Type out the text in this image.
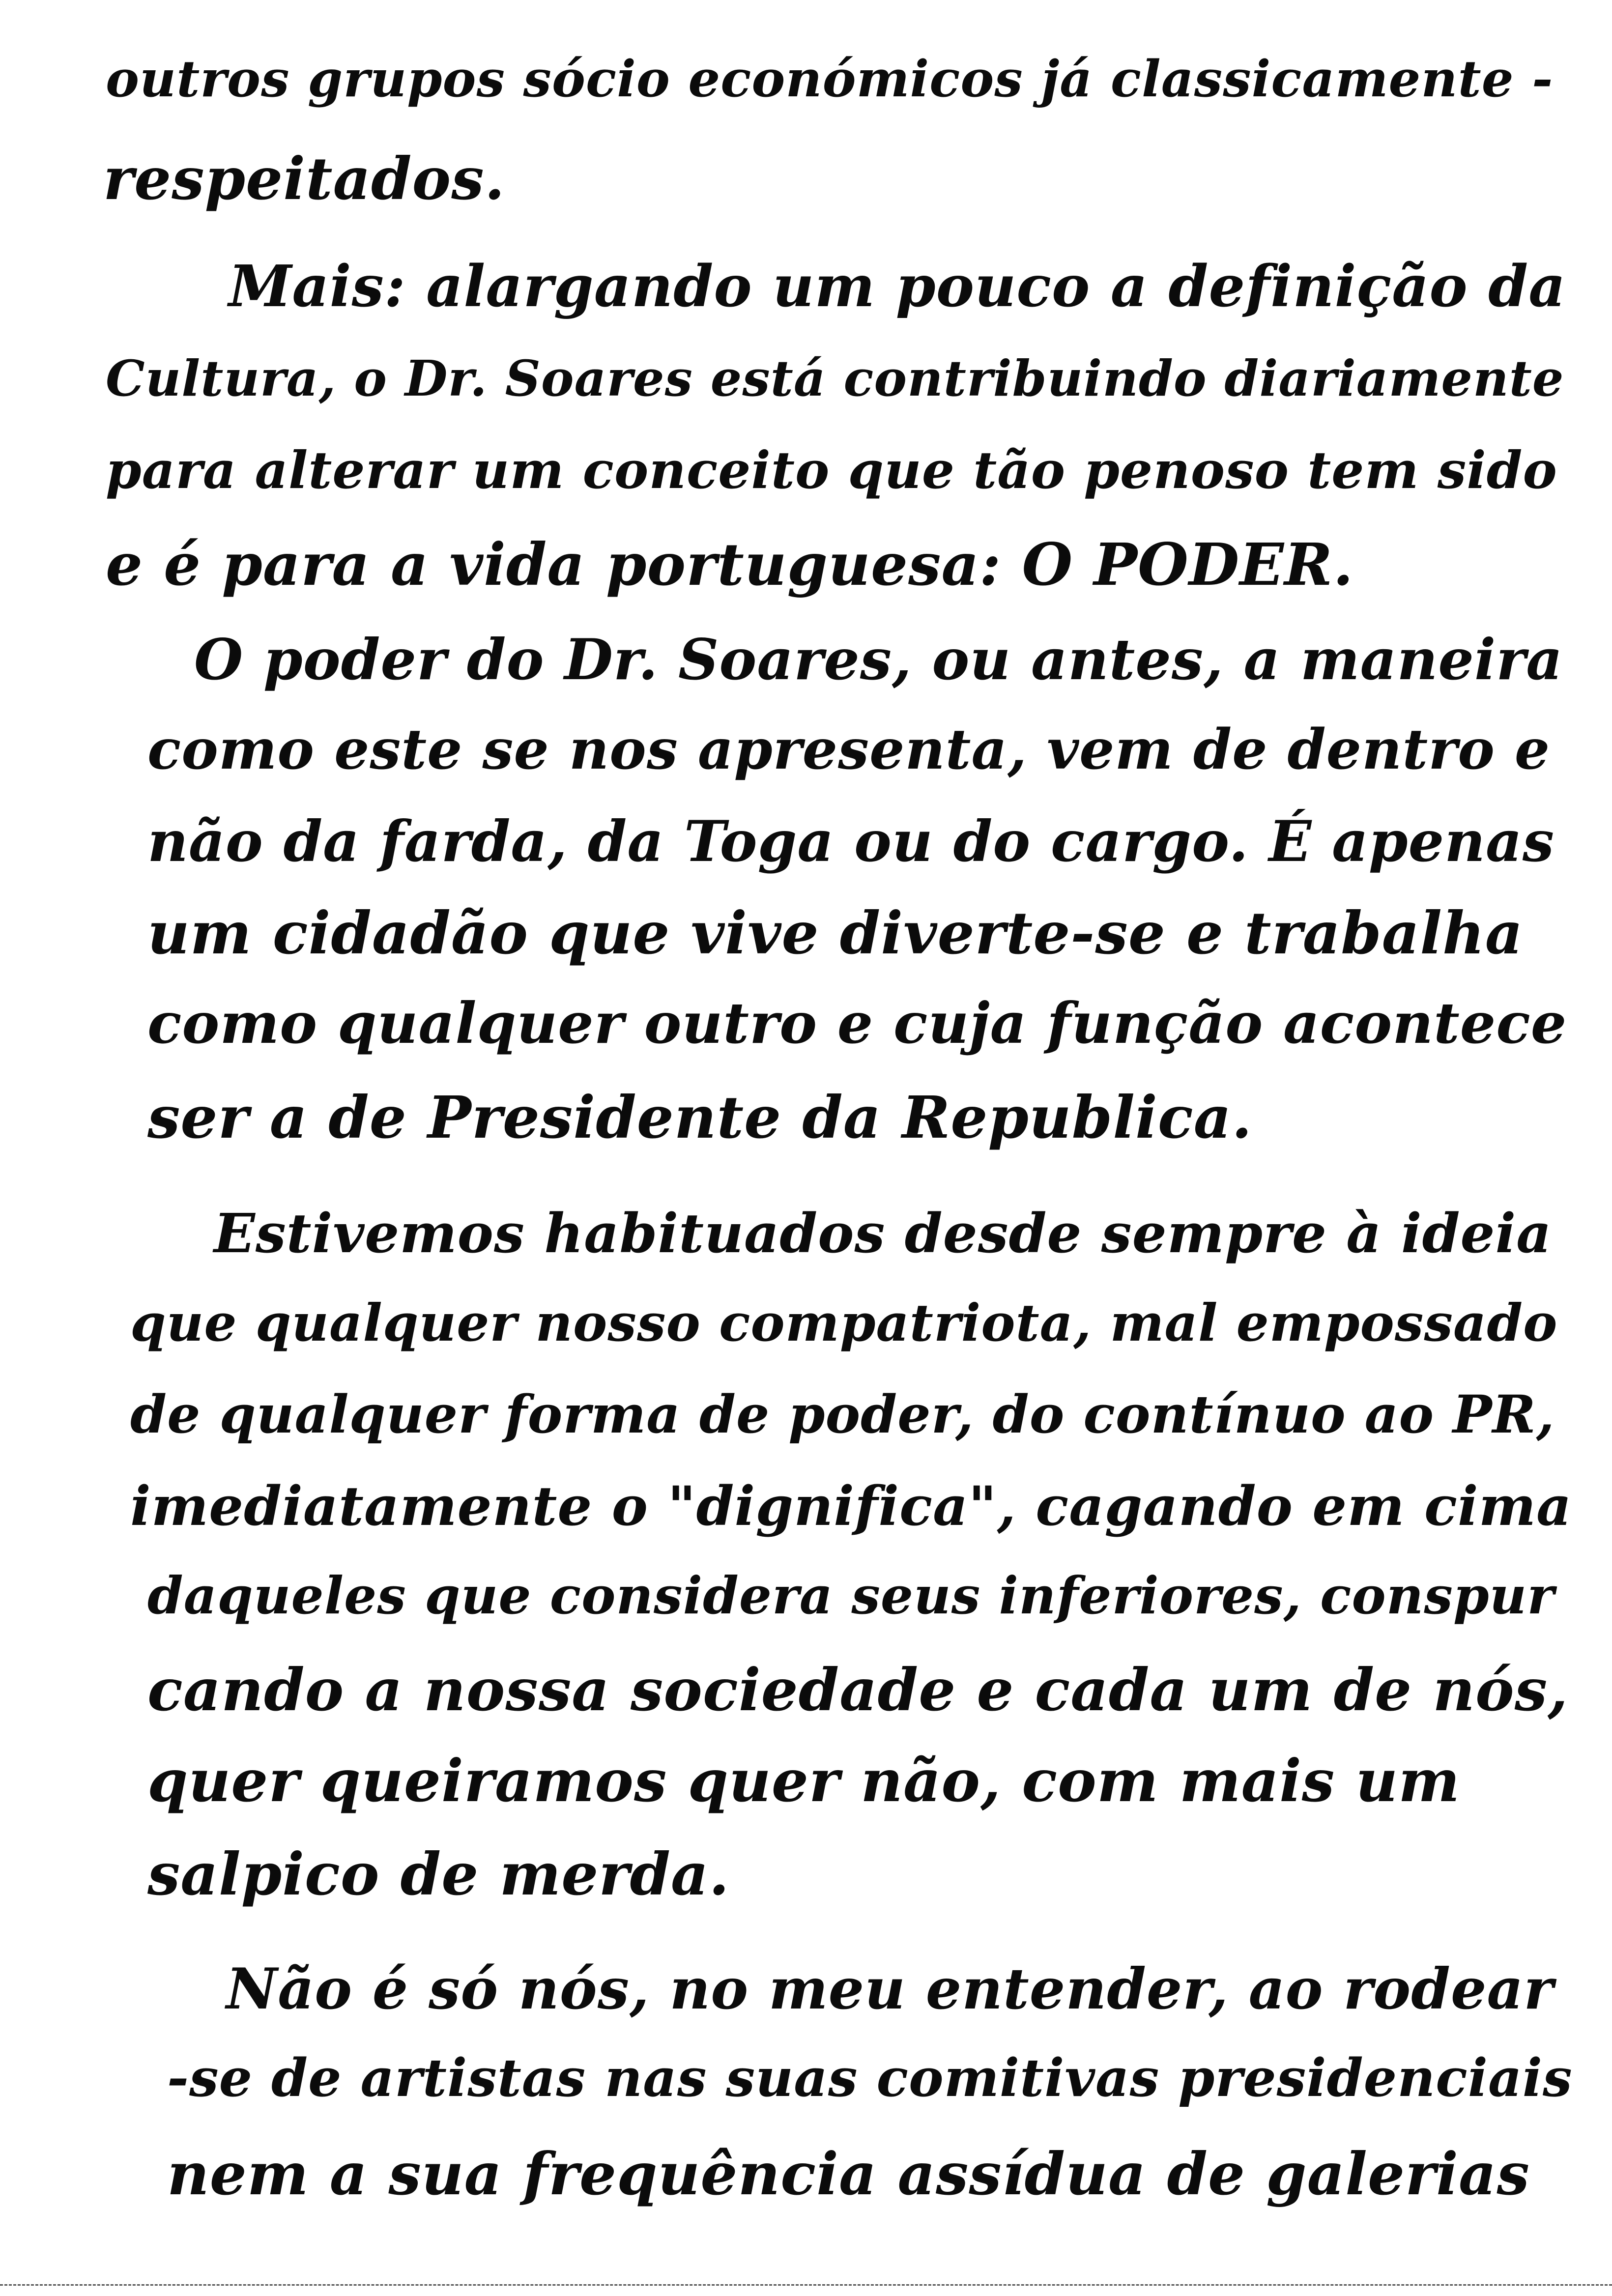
outros grupos sócio económicos já classicamente -
respeitados.
Mais: alargando um pouco a definição da
Cultura, o Dr. Soares está contribuindo diariamente
para alterar um conceito que tão penoso tem sido
e é para a vida portuguesa: O PODER.
O poder do Dr. Soares, ou antes, a maneira
como este se nos apresenta, vem de dentro e
não da farda, da Toga ou do cargo. É apenas
um cidadão que vive diverte-se e trabalha
como qualquer outro e cuja função acontece
ser a de Presidente da Republica.
Estivemos habituados desde sempre à ideia
que qualquer nosso compatriota, mal empossado
de qualquer forma de poder, do contínuo ao PR,
imediatamente o "dignifica", cagando em cima
daqueles que considera seus inferiores, conspur
cando a nossa sociedade e cada um de nós,
quer queiramos quer não, com mais um
salpico de merda.
Não é só nós, no meu entender, ao rodear
-se de artistas nas suas comitivas presidenciais
nem a sua frequência assídua de galerias
